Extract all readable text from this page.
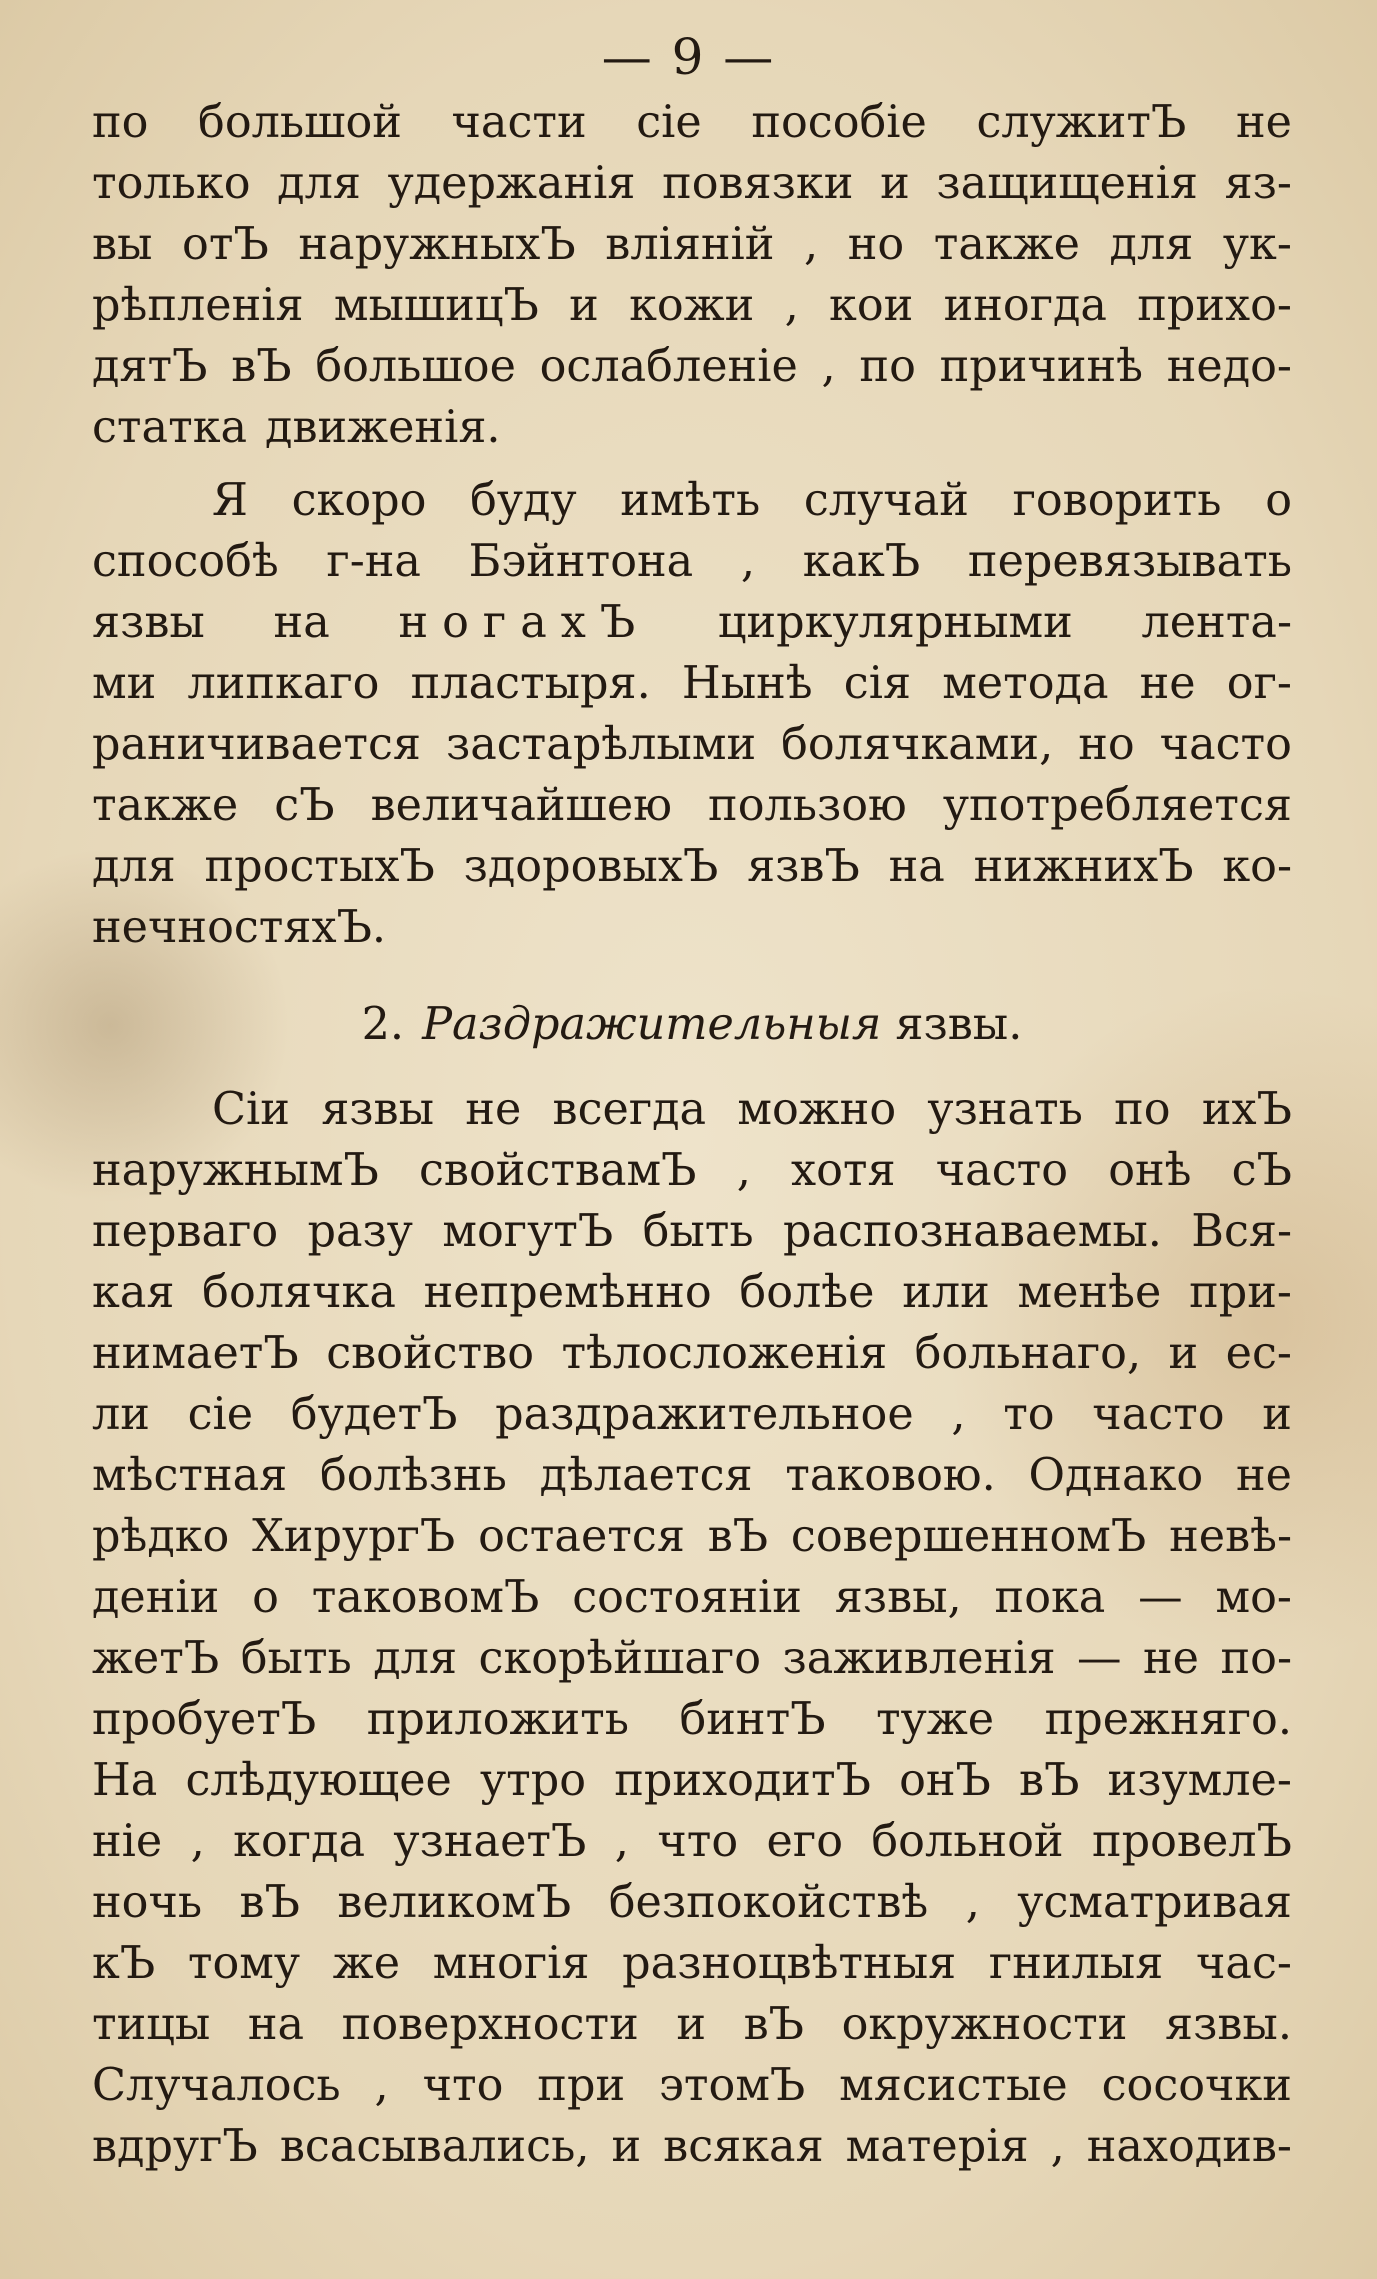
— 9 —
по большой части сіе пособіе служитЪ не
только для удержанія повязки и защищенія яз-
вы отЪ наружныхЪ вліяній , но также для ук-
рѣпленія мышицЪ и кожи , кои иногда прихо-
дятЪ вЪ большое ослабленіе , по причинѣ недо-
статка движенія.
Я скоро буду имѣть случай говорить о
способѣ г-на Бэйнтона , какЪ перевязывать
язвы на ногахЪ циркулярными лента-
ми липкаго пластыря. Нынѣ сія метода не ог-
раничивается застарѣлыми болячками, но часто
также сЪ величайшею пользою употребляется
для простыхЪ здоровыхЪ язвЪ на нижнихЪ ко-
нечностяхЪ.
2. Раздражительныя язвы.
Сіи язвы не всегда можно узнать по ихЪ
наружнымЪ свойствамЪ , хотя часто онѣ сЪ
перваго разу могутЪ быть распознаваемы. Вся-
кая болячка непремѣнно болѣе или менѣе при-
нимаетЪ свойство тѣлосложенія больнаго, и ес-
ли сіе будетЪ раздражительное , то часто и
мѣстная болѣзнь дѣлается таковою. Однако не
рѣдко ХирургЪ остается вЪ совершенномЪ невѣ-
деніи о таковомЪ состояніи язвы, пока — мо-
жетЪ быть для скорѣйшаго заживленія — не по-
пробуетЪ приложить бинтЪ туже прежняго.
На слѣдующее утро приходитЪ онЪ вЪ изумле-
ніе , когда узнаетЪ , что его больной провелЪ
ночь вЪ великомЪ безпокойствѣ , усматривая
кЪ тому же многія разноцвѣтныя гнилыя час-
тицы на поверхности и вЪ окружности язвы.
Случалось , что при этомЪ мясистые сосочки
вдругЪ всасывались, и всякая матерія , находив-
